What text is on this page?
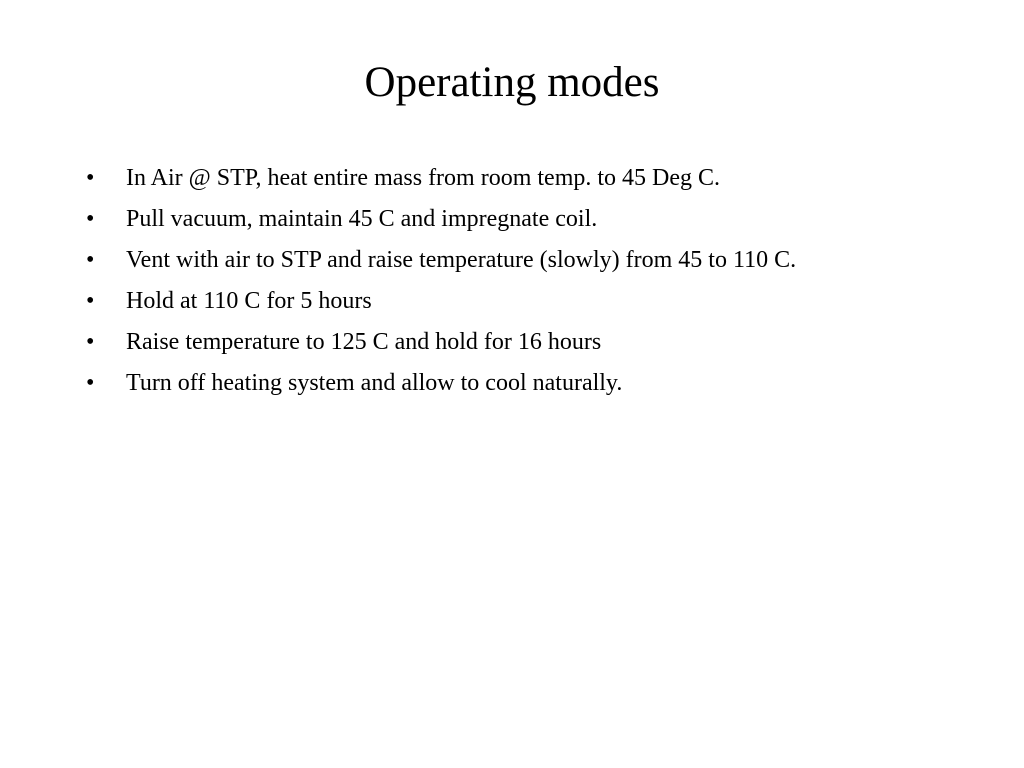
Operating modes
•	In Air @ STP, heat entire mass from room temp. to 45 Deg C.
•	Pull vacuum, maintain 45 C and impregnate coil.
•	Vent with air to STP and raise temperature (slowly) from 45 to 110 C.
•	Hold at 110 C for 5 hours
•	Raise temperature to 125 C and hold for 16 hours
•	Turn off heating system and allow to cool naturally.
